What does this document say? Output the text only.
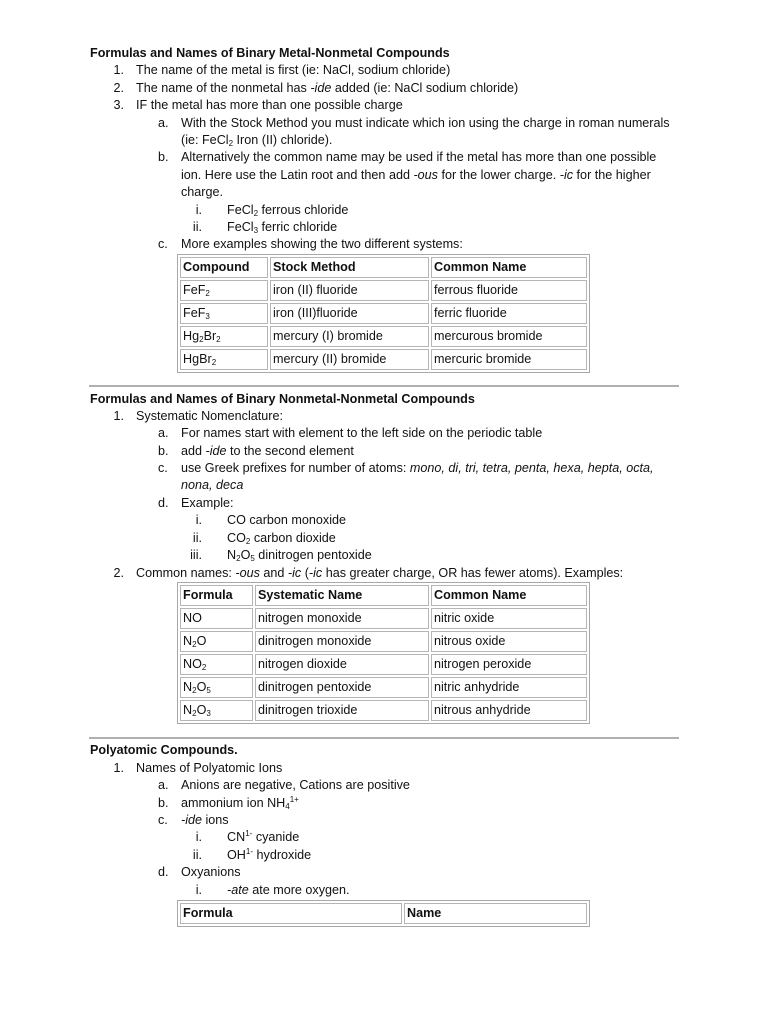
Formulas and Names of Binary Metal-Nonmetal Compounds
1. The name of the metal is first (ie: NaCl, sodium chloride)
2. The name of the nonmetal has -ide added (ie: NaCl sodium chloride)
3. IF the metal has more than one possible charge
a. With the Stock Method you must indicate which ion using the charge in roman numerals
(ie: FeCl$_2$ Iron (II) chloride).
b. Alternatively the common name may be used if the metal has more than one possible
ion. Here use the Latin root and then add -ous for the lower charge. -ic for the higher
charge.
i. FeCl$_2$ ferrous chloride
ii. FeCl$_3$ ferric chloride
c. More examples showing the two different systems:
Compound	Stock Method	Common Name
FeF$_2$	iron (II) fluoride	ferrous fluoride
FeF$_3$	iron (III)fluoride	ferric fluoride
$Hg_2Br_2$	mercury (I) bromide	mercurous bromide
HgBr$_2$	mercury (II) bromide	mercuric bromide
Formulas and Names of Binary Nonmetal-Nonmetal Compounds
1. Systematic Nomenclature:
a. For names start with element to the left side on the periodic table
b. add -ide to the second element
c. use Greek prefixes for number of atoms: mono, di, tri, tetra, penta, hexa, hepta, octa,
nona, deca
d. Example:
i. CO carbon monoxide
ii. $CO_2$ carbon dioxide
iii. $N_2O_5$ dinitrogen pentoxide
2. Common names: -ous and -ic (-ic has greater charge, OR has fewer atoms). Examples:
Formula	Systematic Name	Common Name
NO	nitrogen monoxide	nitric oxide
$N_2O$	dinitrogen monoxide	nitrous oxide
$NO_2$	nitrogen dioxide	nitrogen peroxide
$N_2O_5$	dinitrogen pentoxide	nitric anhydride
$N_2O_3$	dinitrogen trioxide	nitrous anhydride
Polyatomic Compounds.
1. Names of Polyatomic Ions
a. Anions are negative, Cations are positive
b. ammonium ion $NH_4^{1+}$
c. -ide ions
i. $CN^{1-}$ cyanide
ii. $OH^{1-}$ hydroxide
d. Oxyanions
i. -ate ate more oxygen.
Formula	Name
